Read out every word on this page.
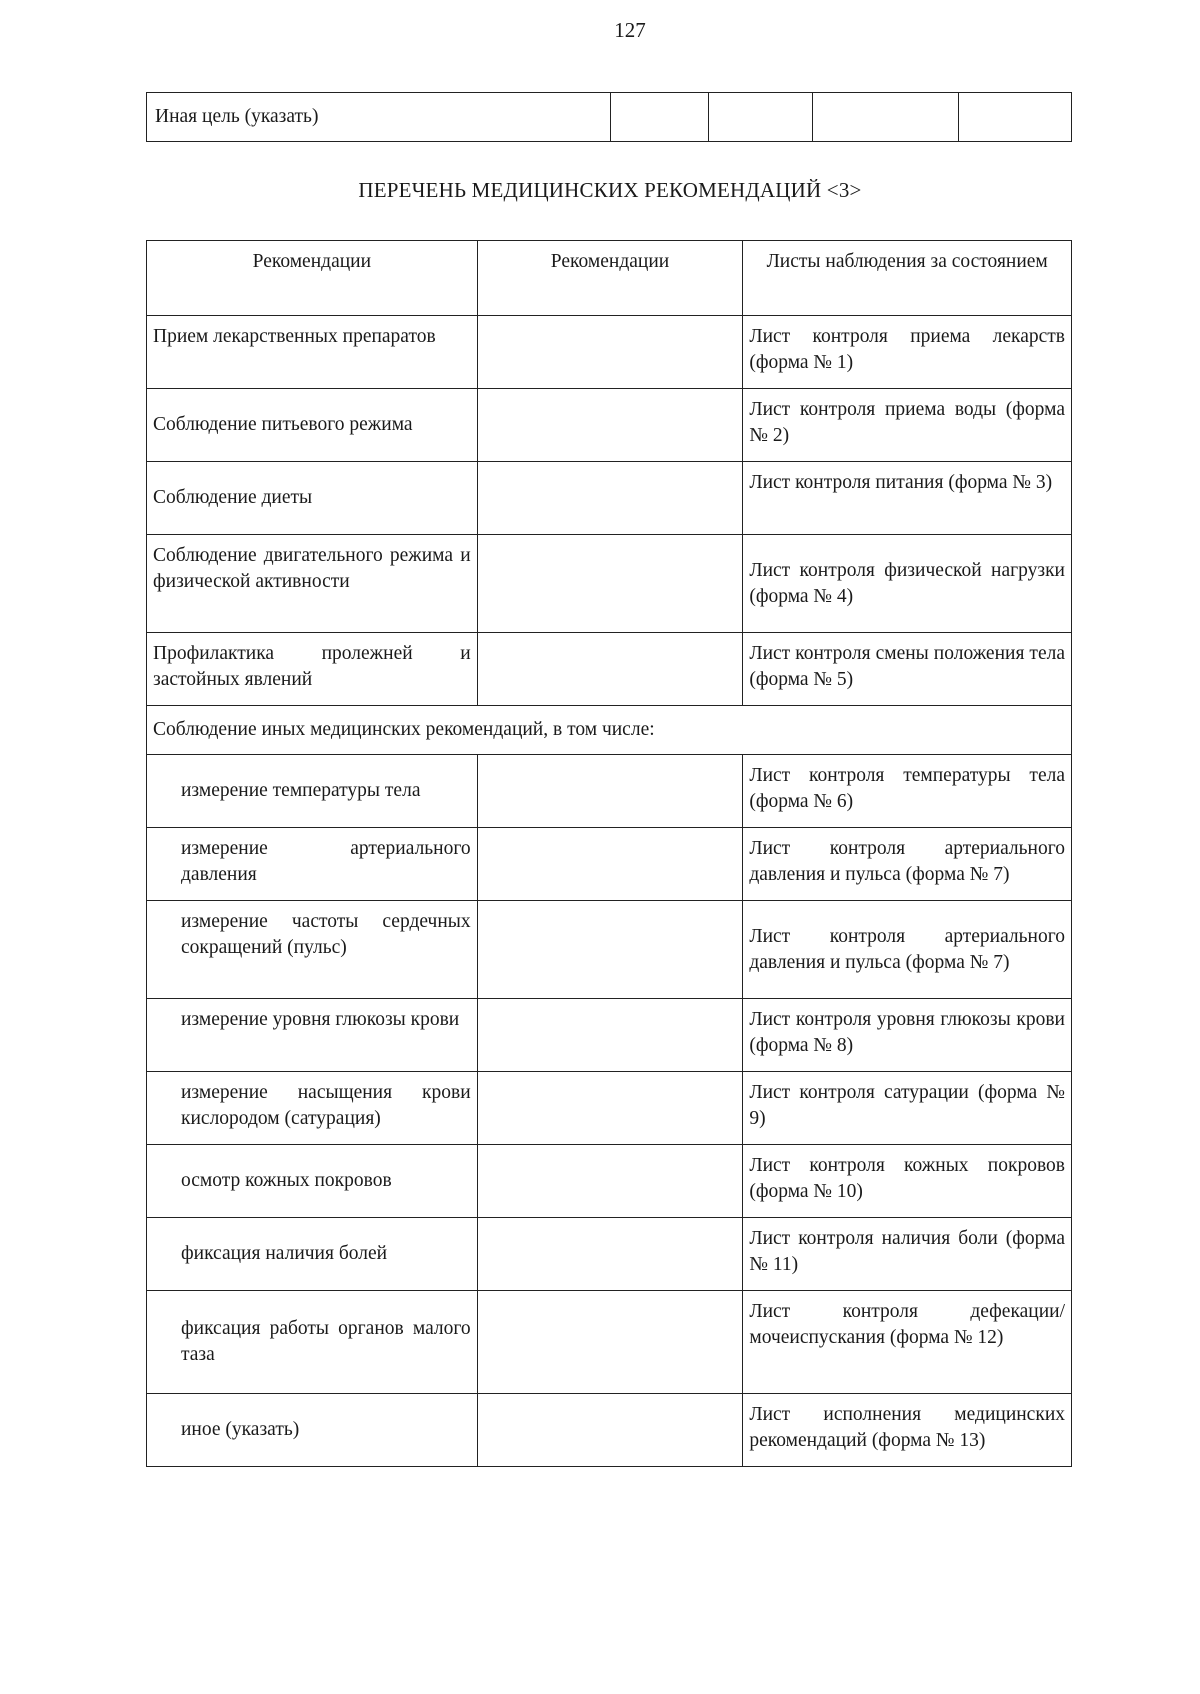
127
Иная цель (указать)				
ПЕРЕЧЕНЬ МЕДИЦИНСКИХ РЕКОМЕНДАЦИЙ <3>
Рекомендации	Рекомендации	Листы наблюдения за состоянием
Прием лекарственных препаратов		Лист контроля приема лекарств (форма № 1)
Соблюдение питьевого режима		Лист контроля приема воды (форма № 2)
Соблюдение диеты		Лист контроля питания (форма № 3)
Соблюдение двигательного режима и физической активности		Лист контроля физической нагрузки (форма № 4)
Профилактика пролежней и застойных явлений		Лист контроля смены положения тела (форма № 5)
Соблюдение иных медицинских рекомендаций, в том числе:		
измерение температуры тела		Лист контроля температуры тела (форма № 6)
измерение артериального давления		Лист контроля артериального давления и пульса (форма № 7)
измерение частоты сердечных сокращений (пульс)		Лист контроля артериального давления и пульса (форма № 7)
измерение уровня глюкозы крови		Лист контроля уровня глюкозы крови (форма № 8)
измерение насыщения крови кислородом (сатурация)		Лист контроля сатурации (форма № 9)
осмотр кожных покровов		Лист контроля кожных покровов (форма № 10)
фиксация наличия болей		Лист контроля наличия боли (форма № 11)
фиксация работы органов малого таза		Лист контроля дефекации/мочеиспускания (форма № 12)
иное (указать)		Лист исполнения медицинских рекомендаций (форма № 13)
